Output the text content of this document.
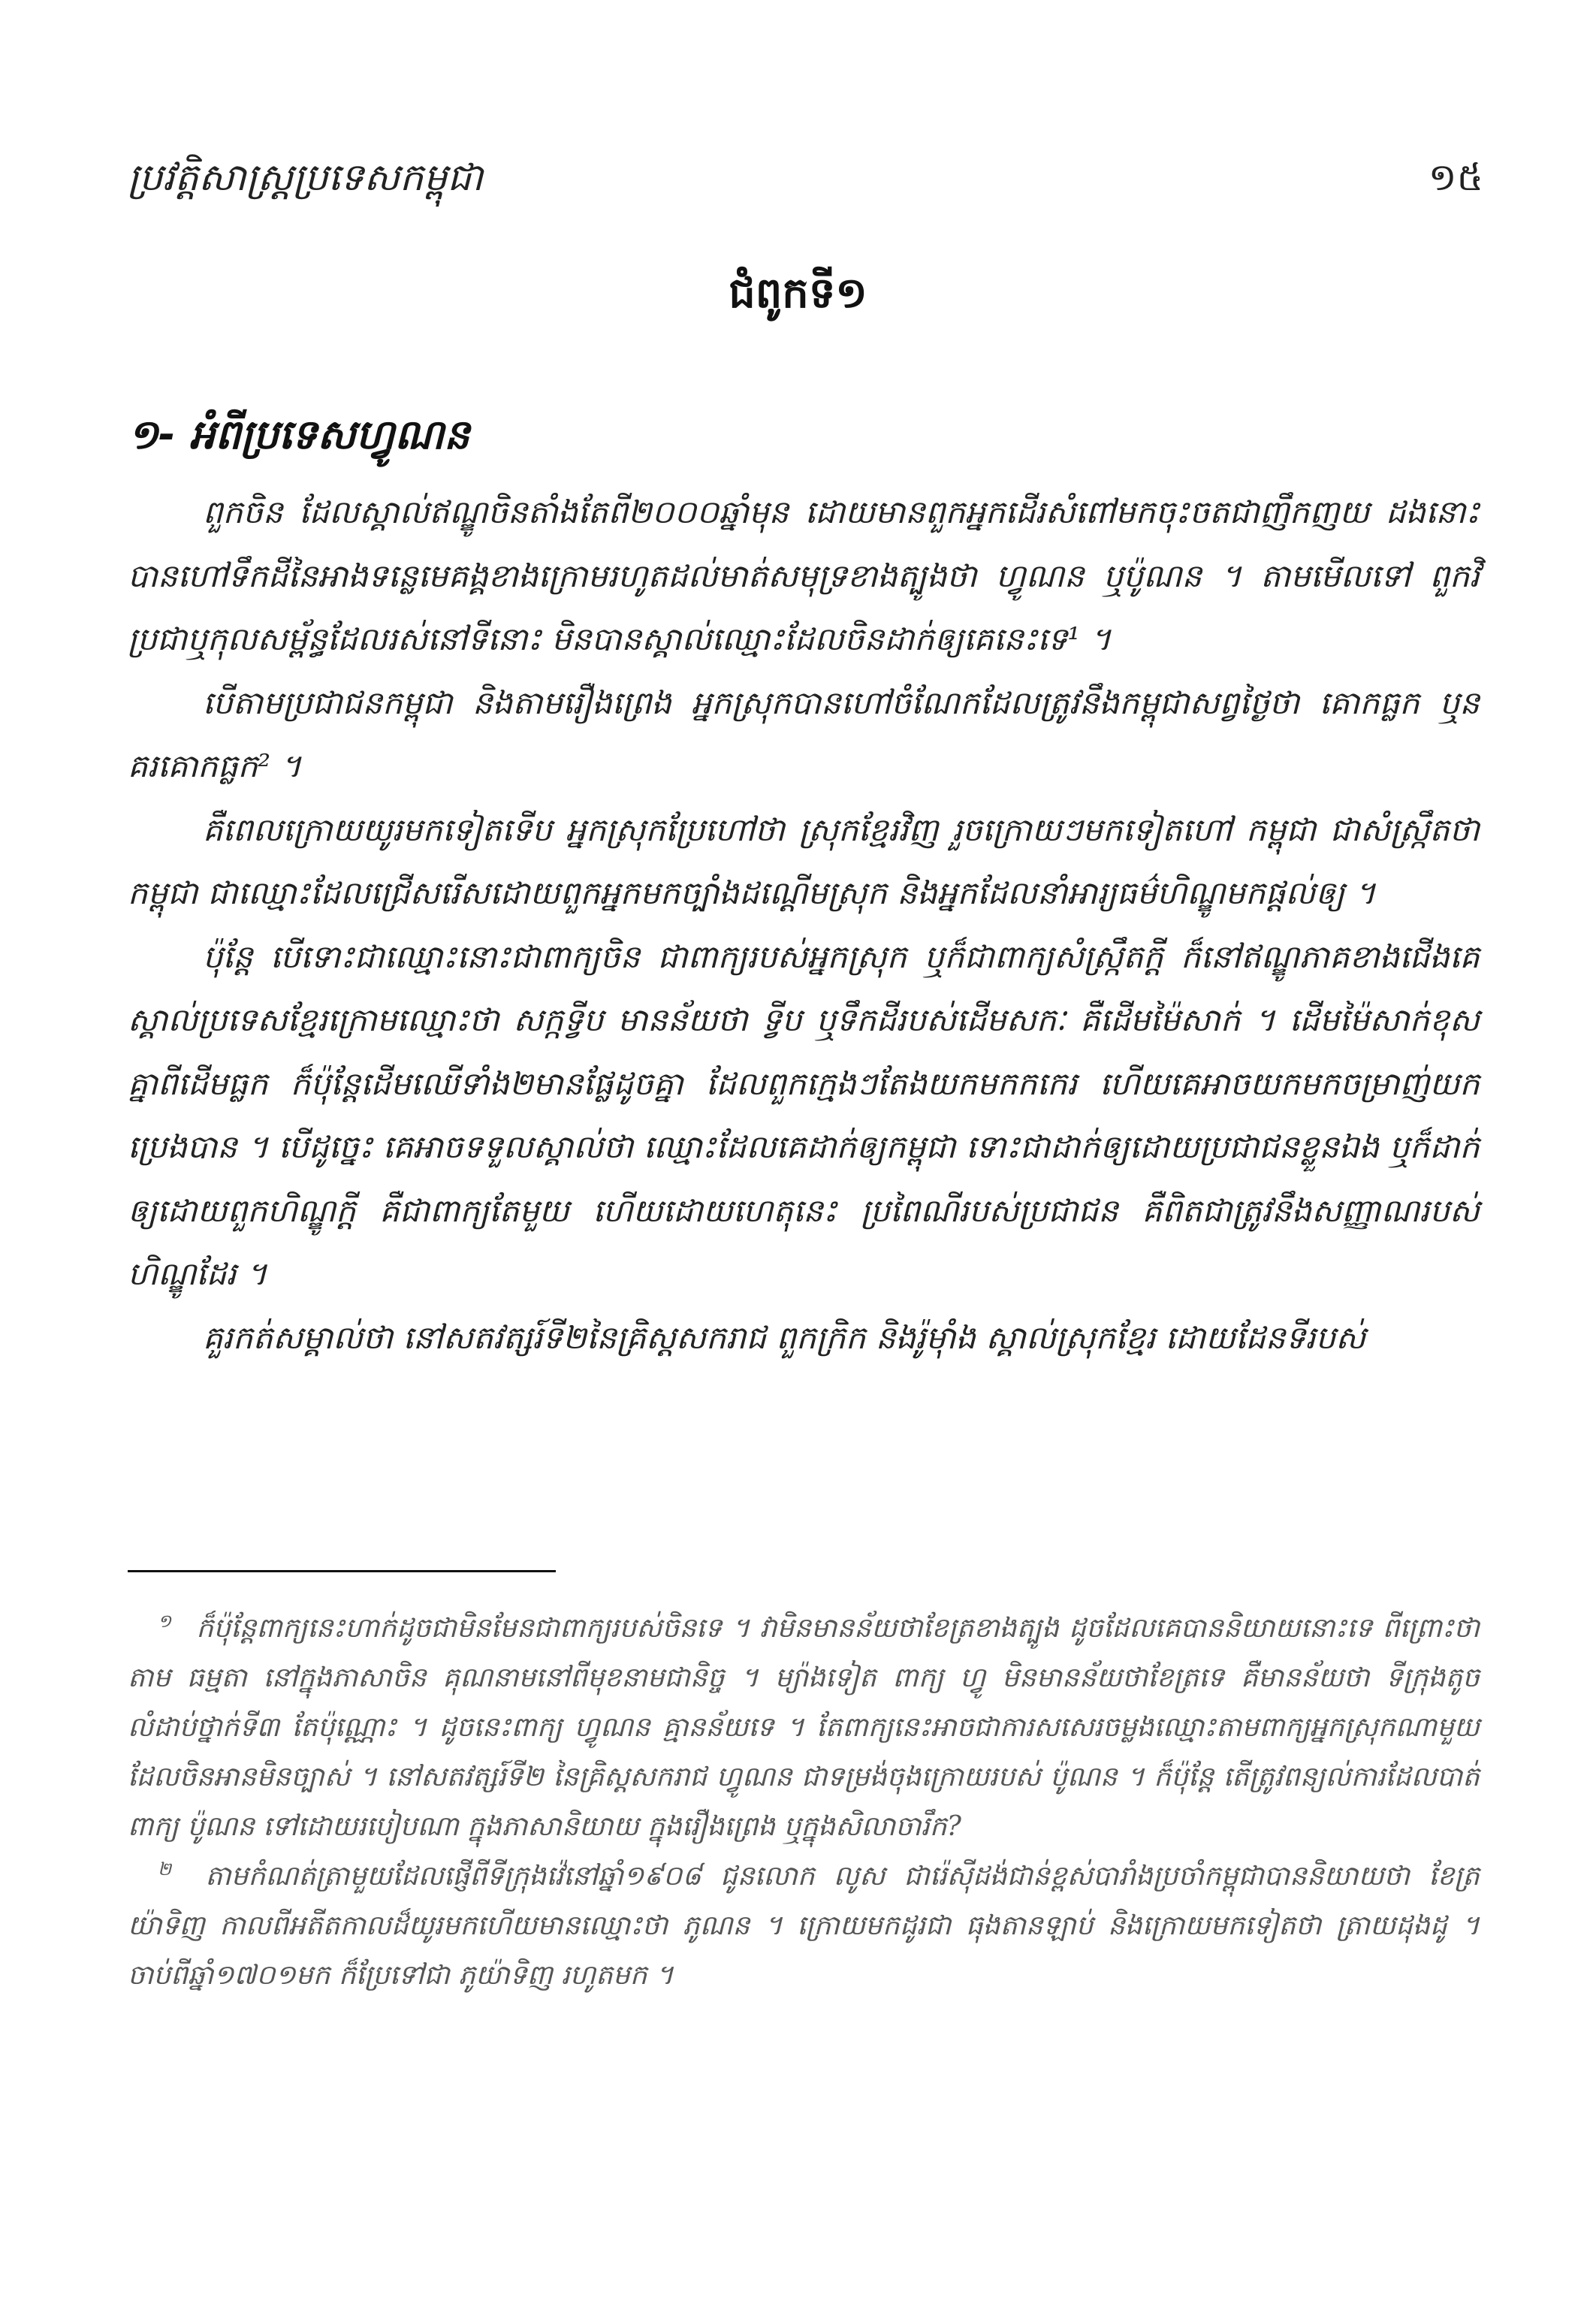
ប្រវត្តិសាស្ត្រប្រទេសកម្ពុជា	១៥
ជំពូកទី១
១- អំពីប្រទេសហ្វូណន

ពួកចិន ដែលស្គាល់ឥណ្ឌូចិនតាំងតែពី២០០០ឆ្នាំមុន ដោយមានពួកអ្នកដើរសំពៅមកចុះចតជាញឹកញយ ដងនោះ បានហៅទឹកដីនៃអាងទន្លេមេគង្គខាងក្រោមរហូតដល់មាត់សមុទ្រខាងត្បូងថា ហ្វូណន ឬប៉ូណន ។ តាមមើលទៅ ពួកវិប្រជាឬកុលសម្ព័ន្ធដែលរស់នៅទីនោះ មិនបានស្គាល់ឈ្មោះដែលចិនដាក់ឲ្យគេនេះទេ¹ ។

បើតាមប្រជាជនកម្ពុជា និងតាមរឿងព្រេង អ្នកស្រុកបានហៅចំណែកដែលត្រូវនឹងកម្ពុជាសព្វថ្ងៃថា គោកធ្លក ឬនគរគោកធ្លក² ។

គឺពេលក្រោយយូរមកទៀតទើប អ្នកស្រុកប្រែហៅថា ស្រុកខ្មែរវិញ រួចក្រោយៗមកទៀតហៅ កម្ពុជា ជាសំស្ក្រឹតថា កម្ពុជា ជាឈ្មោះដែលជ្រើសរើសដោយពួកអ្នកមកច្បាំងដណ្តើមស្រុក និងអ្នកដែលនាំអារ្យធម៌ហិណ្ឌូមកផ្តល់ឲ្យ ។

ប៉ុន្តែ បើទោះជាឈ្មោះនោះជាពាក្យចិន ជាពាក្យរបស់អ្នកស្រុក ឬក៏ជាពាក្យសំស្ក្រឹតក្តី ក៏នៅឥណ្ឌូភាគខាងជើងគេស្គាល់ប្រទេសខ្មែរក្រោមឈ្មោះថា សក្កទ្វីប មានន័យថា ទ្វីប ឬទឹកដីរបស់ដើមសកៈ គឺដើមម៉ៃសាក់ ។ ដើមម៉ៃសាក់ខុសគ្នាពីដើមធ្លក ក៏ប៉ុន្តែដើមឈើទាំង២មានផ្លែដូចគ្នា ដែលពួកក្មេងៗតែងយកមកកកេរ ហើយគេអាចយកមកចម្រាញ់យកប្រេងបាន ។ បើដូច្នេះ គេអាចទទួលស្គាល់ថា ឈ្មោះដែលគេដាក់ឲ្យកម្ពុជា ទោះជាដាក់ឲ្យដោយប្រជាជនខ្លួនឯង ឬក៏ដាក់ឲ្យដោយពួកហិណ្ឌូក្តី គឺជាពាក្យតែមួយ ហើយដោយហេតុនេះ ប្រពៃណីរបស់ប្រជាជន គឺពិតជាត្រូវនឹងសញ្ញាណរបស់ហិណ្ឌូដែរ ។

គួរកត់សម្គាល់ថា នៅសតវត្សរ៍ទី២នៃគ្រិស្តសករាជ ពួកក្រិក និងរ៉ូម៉ាំង ស្គាល់ស្រុកខ្មែរ ដោយដែនទីរបស់

$^១$ ក៏ប៉ុន្តែពាក្យនេះហាក់ដូចជាមិនមែនជាពាក្យរបស់ចិនទេ ។ វាមិនមានន័យថាខែត្រខាងត្បូង ដូចដែលគេបាននិយាយនោះទេ ពីព្រោះថា តាម ធម្មតា នៅក្នុងភាសាចិន គុណនាមនៅពីមុខនាមជានិច្ច ។ ម្យ៉ាងទៀត ពាក្យ ហ្វូ មិនមានន័យថាខែត្រទេ គឺមានន័យថា ទីក្រុងតូច លំដាប់ថ្នាក់ទី៣ តែប៉ុណ្ណោះ ។ ដូចនេះពាក្យ ហ្វូណន គ្មានន័យទេ ។ តែពាក្យនេះអាចជាការសសេរចម្លងឈ្មោះតាមពាក្យអ្នកស្រុកណាមួយ ដែលចិនអានមិនច្បាស់ ។ នៅសតវត្សរ៍ទី២ នៃគ្រិស្តសករាជ ហ្វូណន ជាទម្រង់ចុងក្រោយរបស់ ប៉ូណន ។ ក៏ប៉ុន្តែ តើត្រូវពន្យល់ការដែលបាត់ពាក្យ ប៉ូណន ទៅដោយរបៀបណា ក្នុងភាសានិយាយ ក្នុងរឿងព្រេង ឬក្នុងសិលាចារឹក?

$^២$ តាមកំណត់ត្រាមួយដែលផ្ញើពីទីក្រុងវ៉េនៅឆ្នាំ១៩០៨ ជូនលោក លូស ជារ៉េស៊ីដង់ជាន់ខ្ពស់បារាំងប្រចាំកម្ពុជាបាននិយាយថា ខែត្រ យ៉ាទិញ កាលពីអតីតកាលដ៏យូរមកហើយមានឈ្មោះថា ភូណន ។ ក្រោយមកដូរជា ធុងតានឡាប់ និងក្រោយមកទៀតថា ត្រាយដុងដូ ។ ចាប់ពីឆ្នាំ១៧០១មក ក៏ប្រែទៅជា ភូយ៉ាទិញ រហូតមក ។
